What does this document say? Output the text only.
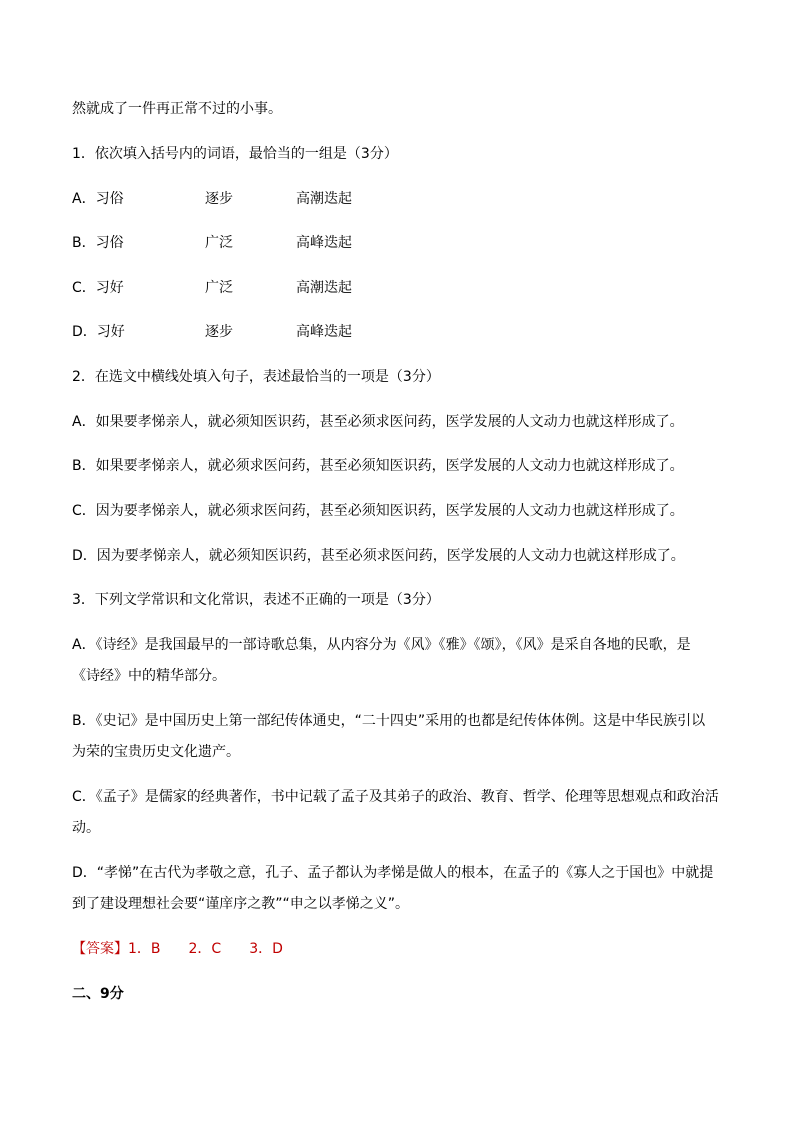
然就成了一件再正常不过的小事。
1．依次填入括号内的词语，最恰当的一组是（3分）
A．习俗	逐步	高潮迭起
B．习俗	广泛	高峰迭起
C．习好	广泛	高潮迭起
D．习好	逐步	高峰迭起
2．在选文中横线处填入句子，表述最恰当的一项是（3分）
A．如果要孝悌亲人，就必须知医识药，甚至必须求医问药，医学发展的人文动力也就这样形成了。
B．如果要孝悌亲人，就必须求医问药，甚至必须知医识药，医学发展的人文动力也就这样形成了。
C．因为要孝悌亲人，就必须求医问药，甚至必须知医识药，医学发展的人文动力也就这样形成了。
D．因为要孝悌亲人，就必须知医识药，甚至必须求医问药，医学发展的人文动力也就这样形成了。
3．下列文学常识和文化常识，表述不正确的一项是（3分）
A．《诗经》是我国最早的一部诗歌总集，从内容分为《风》《雅》《颂》，《风》是采自各地的民歌，是
《诗经》中的精华部分。
B．《史记》是中国历史上第一部纪传体通史，“二十四史”采用的也都是纪传体体例。这是中华民族引以
为荣的宝贵历史文化遗产。
C．《孟子》是儒家的经典著作，书中记载了孟子及其弟子的政治、教育、哲学、伦理等思想观点和政治活
动。
D．“孝悌”在古代为孝敬之意，孔子、孟子都认为孝悌是做人的根本，在孟子的《寡人之于国也》中就提
到了建设理想社会要“谨庠序之教”“申之以孝悌之义”。
【答案】1．B　　2．C　　3．D
二、9分
